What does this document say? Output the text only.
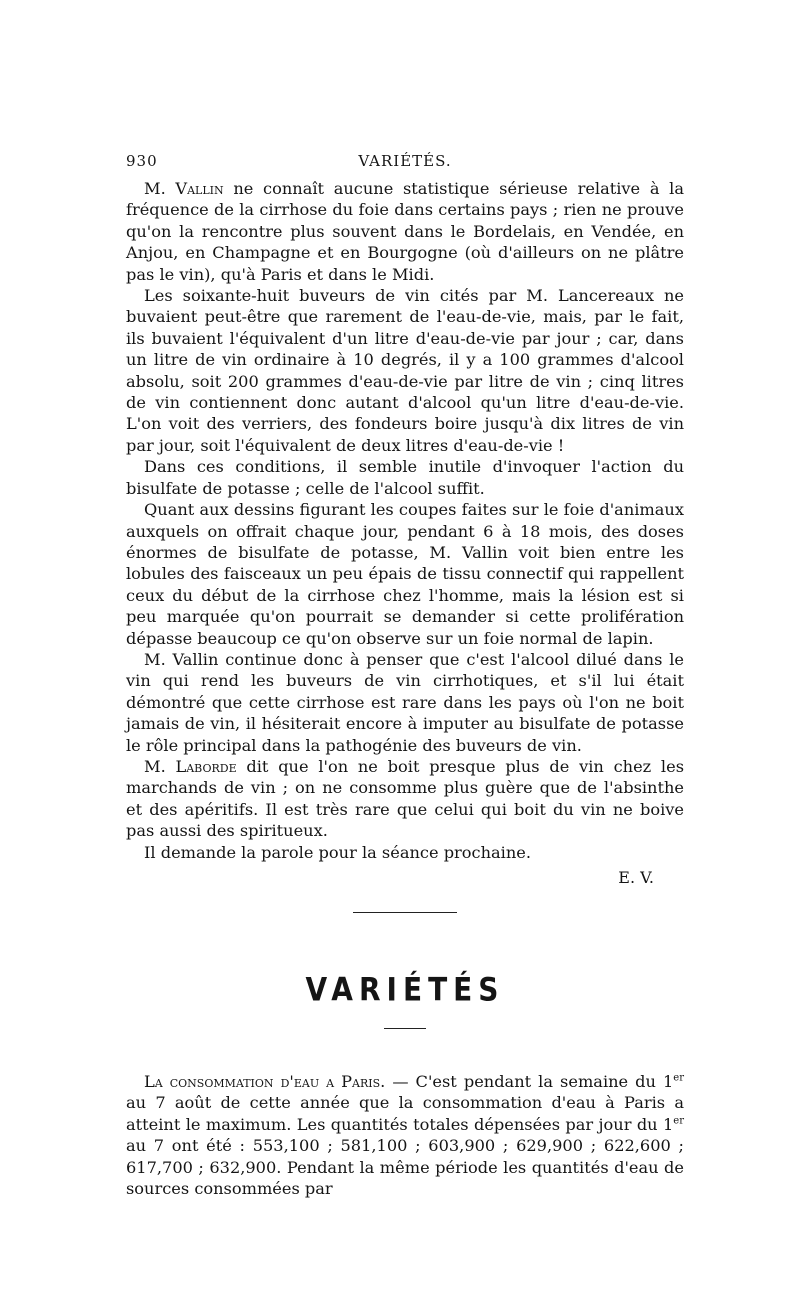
930	VARIÉTÉS.

M. Vallin ne connaît aucune statistique sérieuse relative à la fréquence de la cirrhose du foie dans certains pays ; rien ne prouve qu'on la rencontre plus souvent dans le Bordelais, en Vendée, en Anjou, en Champagne et en Bourgogne (où d'ailleurs on ne plâtre pas le vin), qu'à Paris et dans le Midi.

Les soixante-huit buveurs de vin cités par M. Lancereaux ne buvaient peut-être que rarement de l'eau-de-vie, mais, par le fait, ils buvaient l'équivalent d'un litre d'eau-de-vie par jour ; car, dans un litre de vin ordinaire à 10 degrés, il y a 100 grammes d'alcool absolu, soit 200 grammes d'eau-de-vie par litre de vin ; cinq litres de vin contiennent donc autant d'alcool qu'un litre d'eau-de-vie. L'on voit des verriers, des fondeurs boire jusqu'à dix litres de vin par jour, soit l'équivalent de deux litres d'eau-de-vie !

Dans ces conditions, il semble inutile d'invoquer l'action du bisulfate de potasse ; celle de l'alcool suffit.

Quant aux dessins figurant les coupes faites sur le foie d'animaux auxquels on offrait chaque jour, pendant 6 à 18 mois, des doses énormes de bisulfate de potasse, M. Vallin voit bien entre les lobules des faisceaux un peu épais de tissu connectif qui rappellent ceux du début de la cirrhose chez l'homme, mais la lésion est si peu marquée qu'on pourrait se demander si cette prolifération dépasse beaucoup ce qu'on observe sur un foie normal de lapin.

M. Vallin continue donc à penser que c'est l'alcool dilué dans le vin qui rend les buveurs de vin cirrhotiques, et s'il lui était démontré que cette cirrhose est rare dans les pays où l'on ne boit jamais de vin, il hésiterait encore à imputer au bisulfate de potasse le rôle principal dans la pathogénie des buveurs de vin.

M. Laborde dit que l'on ne boit presque plus de vin chez les marchands de vin ; on ne consomme plus guère que de l'absinthe et des apéritifs. Il est très rare que celui qui boit du vin ne boive pas aussi des spiritueux.

Il demande la parole pour la séance prochaine.

E. V.
VARIÉTÉS

La consommation d'eau a Paris. — C'est pendant la semaine du 1er au 7 août de cette année que la consommation d'eau à Paris a atteint le maximum. Les quantités totales dépensées par jour du 1er au 7 ont été : 553,100 ; 581,100 ; 603,900 ; 629,900 ; 622,600 ; 617,700 ; 632,900. Pendant la même période les quantités d'eau de sources consommées par
